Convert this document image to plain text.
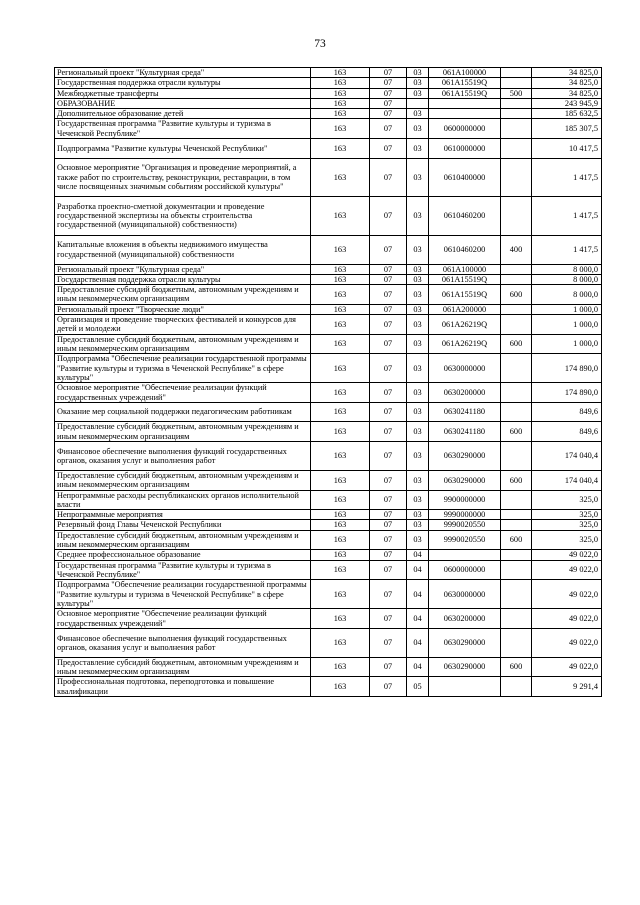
73
Региональный проект "Культурная среда"	163	07	03	061А100000		34 825,0
Государственная поддержка отрасли культуры	163	07	03	061А15519Q		34 825,0
Межбюджетные трансферты	163	07	03	061А15519Q	500	34 825,0
ОБРАЗОВАНИЕ	163	07				243 945,9
Дополнительное образование детей	163	07	03			185 632,5
Государственная программа "Развитие культуры и туризма в Чеченской Республике"	163	07	03	0600000000		185 307,5
Подпрограмма "Развитие культуры Чеченской Республики"	163	07	03	0610000000		10 417,5
Основное мероприятие "Организация и проведение мероприятий, а также работ по строительству, реконструкции, реставрации, в том числе посвященных значимым событиям российской культуры"	163	07	03	0610400000		1 417,5
Разработка проектно-сметной документации и проведение государственной экспертизы на объекты строительства государственной (муниципальной) собственности)	163	07	03	0610460200		1 417,5
Капитальные вложения в объекты недвижимого имущества государственной (муниципальной) собственности	163	07	03	0610460200	400	1 417,5
Региональный проект "Культурная среда"	163	07	03	061А100000		8 000,0
Государственная поддержка отрасли культуры	163	07	03	061А15519Q		8 000,0
Предоставление субсидий бюджетным, автономным учреждениям и иным некоммерческим организациям	163	07	03	061А15519Q	600	8 000,0
Региональный проект "Творческие люди"	163	07	03	061А200000		1 000,0
Организация и проведение творческих фестивалей и конкурсов для детей и молодежи	163	07	03	061А26219Q		1 000,0
Предоставление субсидий бюджетным, автономным учреждениям и иным некоммерческим организациям	163	07	03	061А26219Q	600	1 000,0
Подпрограмма "Обеспечение реализации государственной программы "Развитие культуры и туризма в Чеченской Республике" в сфере культуры"	163	07	03	0630000000		174 890,0
Основное мероприятие "Обеспечение реализации функций государственных учреждений"	163	07	03	0630200000		174 890,0
Оказание мер социальной поддержки педагогическим работникам	163	07	03	0630241180		849,6
Предоставление субсидий бюджетным, автономным учреждениям и иным некоммерческим организациям	163	07	03	0630241180	600	849,6
Финансовое обеспечение выполнения функций государственных органов, оказания услуг и выполнения работ	163	07	03	0630290000		174 040,4
Предоставление субсидий бюджетным, автономным учреждениям и иным некоммерческим организациям	163	07	03	0630290000	600	174 040,4
Непрограммные расходы республиканских органов исполнительной власти	163	07	03	9900000000		325,0
Непрограммные мероприятия	163	07	03	9990000000		325,0
Резервный фонд Главы Чеченской Республики	163	07	03	9990020550		325,0
Предоставление субсидий бюджетным, автономным учреждениям и иным некоммерческим организациям	163	07	03	9990020550	600	325,0
Среднее профессиональное образование	163	07	04			49 022,0
Государственная программа "Развитие культуры и туризма в Чеченской Республике"	163	07	04	0600000000		49 022,0
Подпрограмма "Обеспечение реализации государственной программы "Развитие культуры и туризма в Чеченской Республике" в сфере культуры"	163	07	04	0630000000		49 022,0
Основное мероприятие "Обеспечение реализации функций государственных учреждений"	163	07	04	0630200000		49 022,0
Финансовое обеспечение выполнения функций государственных органов, оказания услуг и выполнения работ	163	07	04	0630290000		49 022,0
Предоставление субсидий бюджетным, автономным учреждениям и иным некоммерческим организациям	163	07	04	0630290000	600	49 022,0
Профессиональная подготовка, переподготовка и повышение квалификации	163	07	05			9 291,4
